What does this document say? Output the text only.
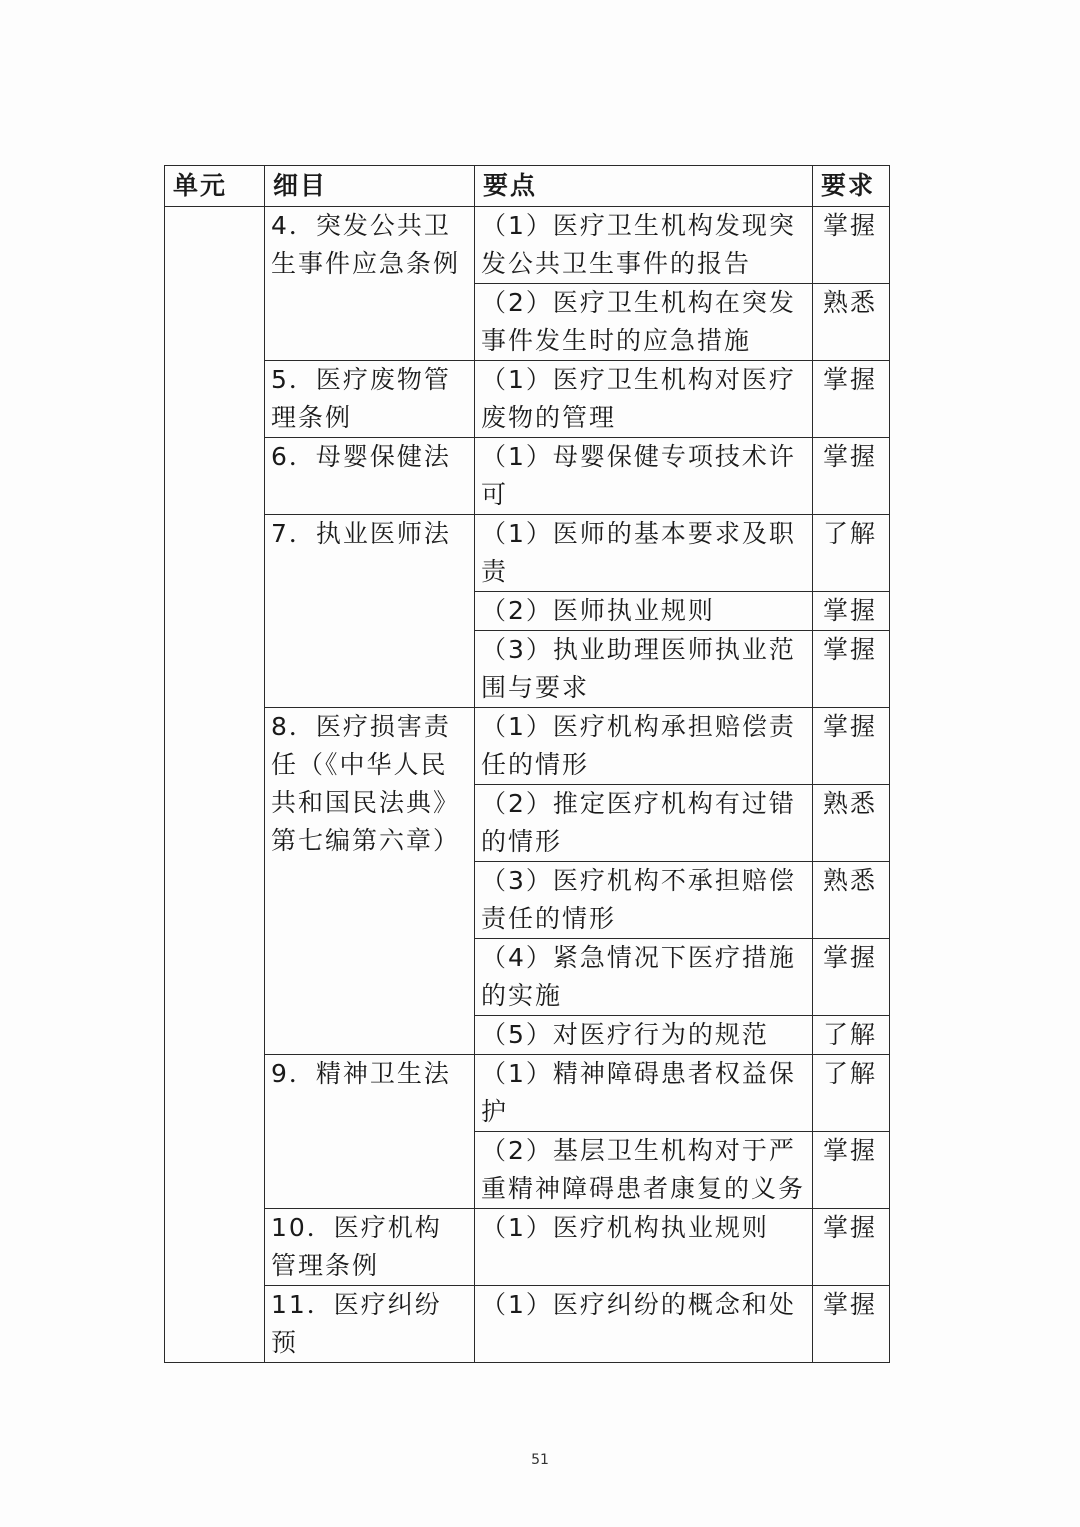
单元	细目	要点	要求
	4．突发公共卫生事件应急条例	（1）医疗卫生机构发现突发公共卫生事件的报告	掌握
		（2）医疗卫生机构在突发事件发生时的应急措施	熟悉
	5．医疗废物管理条例	（1）医疗卫生机构对医疗废物的管理	掌握
	6．母婴保健法	（1）母婴保健专项技术许可	掌握
	7．执业医师法	（1）医师的基本要求及职责	了解
		（2）医师执业规则	掌握
		（3）执业助理医师执业范围与要求	掌握
	8．医疗损害责任（《中华人民共和国民法典》第七编第六章）	（1）医疗机构承担赔偿责任的情形	掌握
		（2）推定医疗机构有过错的情形	熟悉
		（3）医疗机构不承担赔偿责任的情形	熟悉
		（4）紧急情况下医疗措施的实施	掌握
		（5）对医疗行为的规范	了解
	9．精神卫生法	（1）精神障碍患者权益保护	了解
		（2）基层卫生机构对于严重精神障碍患者康复的义务	掌握
	10．医疗机构管理条例	（1）医疗机构执业规则	掌握
	11．医疗纠纷预	（1）医疗纠纷的概念和处	掌握
51
